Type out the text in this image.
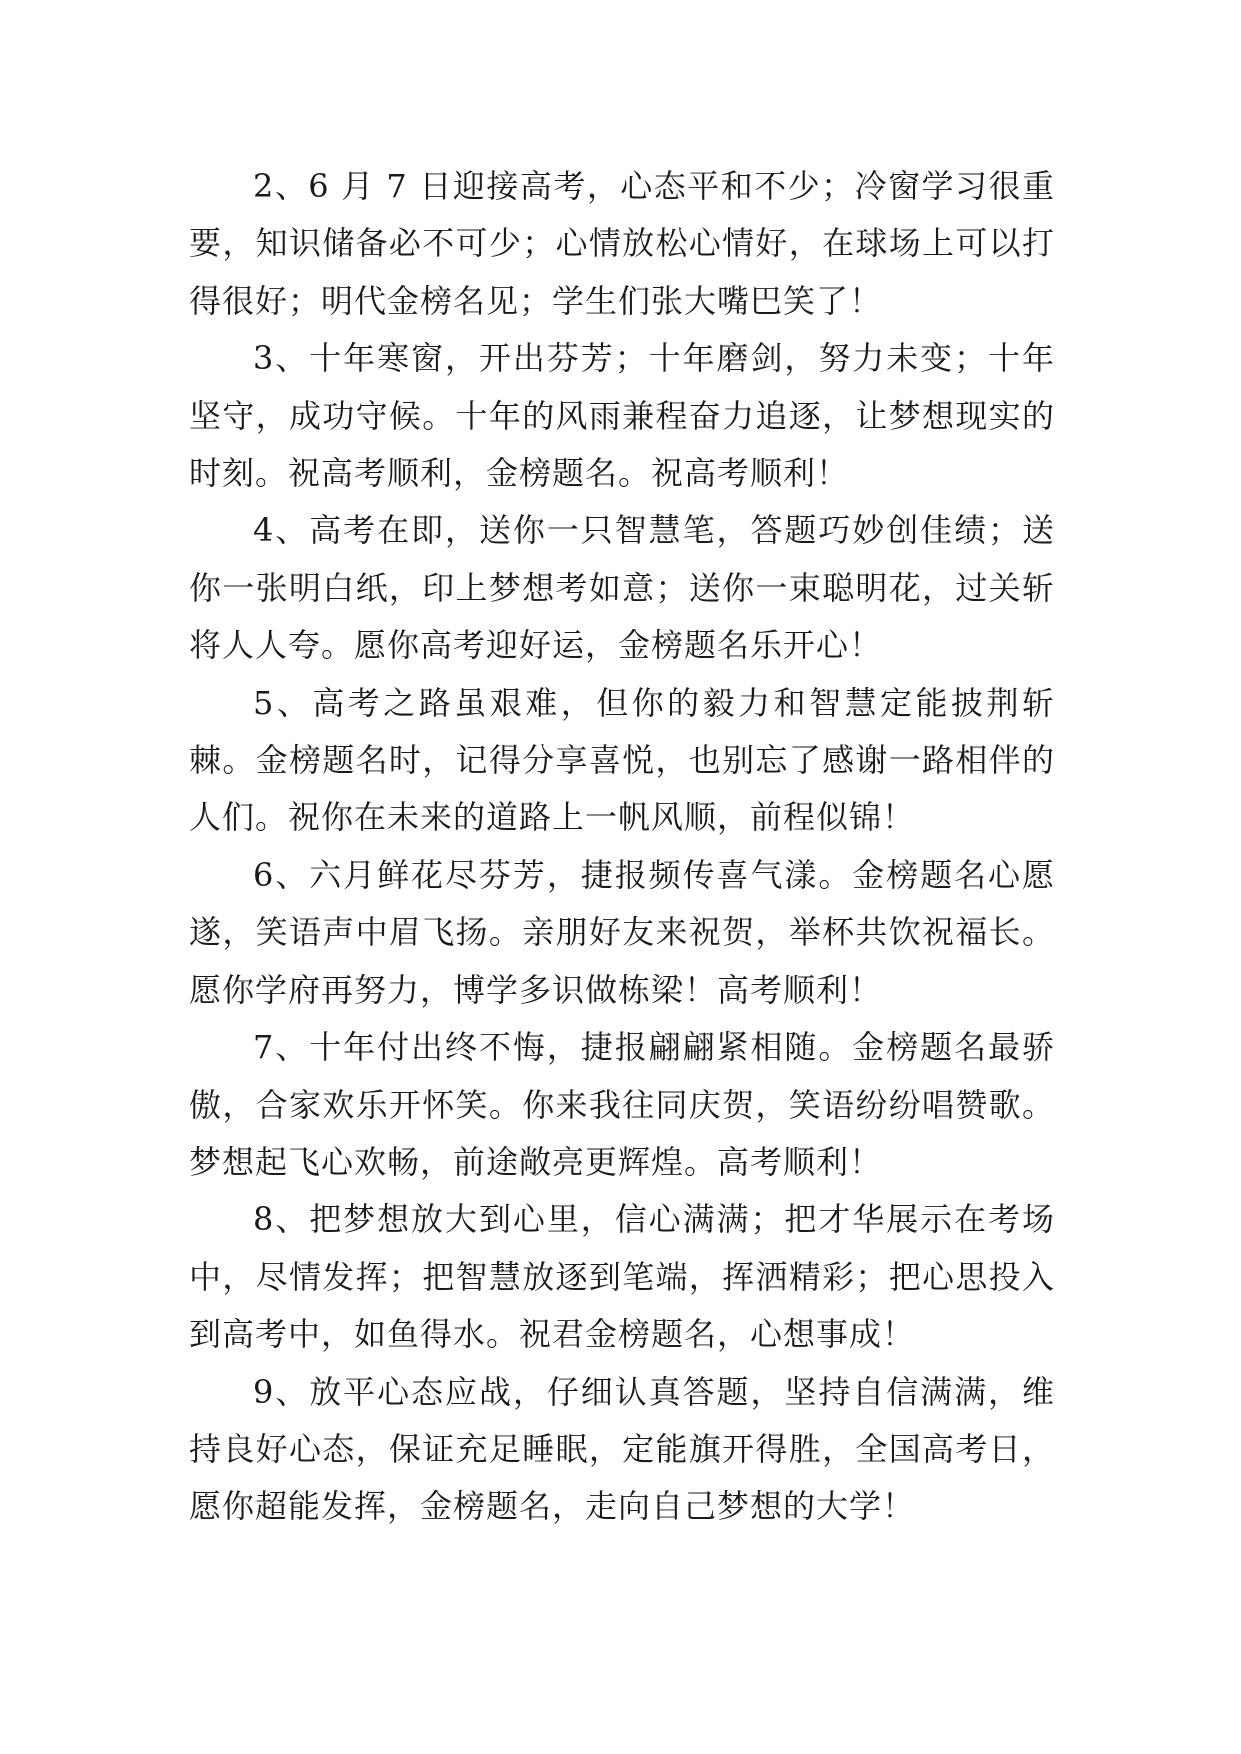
2、6 月 7 日迎接高考，心态平和不少；冷窗学习很重要，知识储备必不可少；心情放松心情好，在球场上可以打得很好；明代金榜名见；学生们张大嘴巴笑了！

3、十年寒窗，开出芬芳；十年磨剑，努力未变；十年坚守，成功守候。十年的风雨兼程奋力追逐，让梦想现实的时刻。祝高考顺利，金榜题名。祝高考顺利！

4、高考在即，送你一只智慧笔，答题巧妙创佳绩；送你一张明白纸，印上梦想考如意；送你一束聪明花，过关斩将人人夸。愿你高考迎好运，金榜题名乐开心！

5、高考之路虽艰难，但你的毅力和智慧定能披荆斩棘。金榜题名时，记得分享喜悦，也别忘了感谢一路相伴的人们。祝你在未来的道路上一帆风顺，前程似锦！

6、六月鲜花尽芬芳，捷报频传喜气漾。金榜题名心愿遂，笑语声中眉飞扬。亲朋好友来祝贺，举杯共饮祝福长。愿你学府再努力，博学多识做栋梁！高考顺利！

7、十年付出终不悔，捷报翩翩紧相随。金榜题名最骄傲，合家欢乐开怀笑。你来我往同庆贺，笑语纷纷唱赞歌。梦想起飞心欢畅，前途敞亮更辉煌。高考顺利！

8、把梦想放大到心里，信心满满；把才华展示在考场中，尽情发挥；把智慧放逐到笔端，挥洒精彩；把心思投入到高考中，如鱼得水。祝君金榜题名，心想事成！

9、放平心态应战，仔细认真答题，坚持自信满满，维持良好心态，保证充足睡眠，定能旗开得胜，全国高考日，愿你超能发挥，金榜题名，走向自己梦想的大学！
